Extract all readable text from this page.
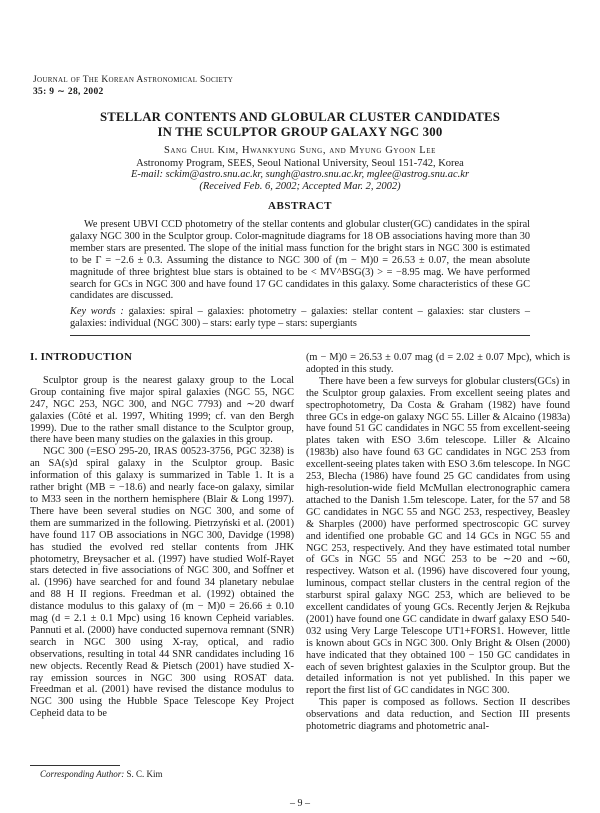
Journal of The Korean Astronomical Society
35: 9 ∼ 28, 2002
STELLAR CONTENTS AND GLOBULAR CLUSTER CANDIDATES
IN THE SCULPTOR GROUP GALAXY NGC 300
Sang Chul Kim, Hwankyung Sung, and Myung Gyoon Lee
Astronomy Program, SEES, Seoul National University, Seoul 151-742, Korea
E-mail: sckim@astro.snu.ac.kr, sungh@astro.snu.ac.kr, mglee@astrog.snu.ac.kr
(Received Feb. 6, 2002; Accepted Mar. 2, 2002)
ABSTRACT
We present UBVI CCD photometry of the stellar contents and globular cluster(GC) candidates in the spiral galaxy NGC 300 in the Sculptor group. Color-magnitude diagrams for 18 OB associations having more than 30 member stars are presented. The slope of the initial mass function for the bright stars in NGC 300 is estimated to be Γ = −2.6 ± 0.3. Assuming the distance to NGC 300 of (m − M)0 = 26.53 ± 0.07, the mean absolute magnitude of three brightest blue stars is obtained to be < MV^BSG(3) > = −8.95 mag. We have performed search for GCs in NGC 300 and have found 17 GC candidates in this galaxy. Some characteristics of these GC candidates are discussed.
Key words : galaxies: spiral – galaxies: photometry – galaxies: stellar content – galaxies: star clusters – galaxies: individual (NGC 300) – stars: early type – stars: supergiants
I. INTRODUCTION

Sculptor group is the nearest galaxy group to the Local Group containing five major spiral galaxies (NGC 55, NGC 247, NGC 253, NGC 300, and NGC 7793) and ∼20 dwarf galaxies (Côté et al. 1997, Whiting 1999; cf. van den Bergh 1999). Due to the rather small distance to the Sculptor group, there have been many studies on the galaxies in this group.

NGC 300 (=ESO 295-20, IRAS 00523-3756, PGC 3238) is an SA(s)d spiral galaxy in the Sculptor group. Basic information of this galaxy is summarized in Table 1. It is a rather bright (MB = −18.6) and nearly face-on galaxy, similar to M33 seen in the northern hemisphere (Blair & Long 1997). There have been several studies on NGC 300, and some of them are summarized in the following. Pietrzyński et al. (2001) have found 117 OB associations in NGC 300, Davidge (1998) has studied the evolved red stellar contents from JHK photometry, Breysacher et al. (1997) have studied Wolf-Rayet stars detected in five associations of NGC 300, and Soffner et al. (1996) have searched for and found 34 planetary nebulae and 88 H II regions. Freedman et al. (1992) obtained the distance modulus to this galaxy of (m − M)0 = 26.66 ± 0.10 mag (d = 2.1 ± 0.1 Mpc) using 16 known Cepheid variables. Pannuti et al. (2000) have conducted supernova remnant (SNR) search in NGC 300 using X-ray, optical, and radio observations, resulting in total 44 SNR candidates including 16 new objects. Recently Read & Pietsch (2001) have studied X-ray emission sources in NGC 300 using ROSAT data. Freedman et al. (2001) have revised the distance modulus to NGC 300 using the Hubble Space Telescope Key Project Cepheid data to be

(m − M)0 = 26.53 ± 0.07 mag (d = 2.02 ± 0.07 Mpc), which is adopted in this study.

There have been a few surveys for globular clusters(GCs) in the Sculptor group galaxies. From excellent seeing plates and spectrophotometry, Da Costa & Graham (1982) have found three GCs in edge-on galaxy NGC 55. Liller & Alcaino (1983a) have found 51 GC candidates in NGC 55 from excellent-seeing plates taken with ESO 3.6m telescope. Liller & Alcaino (1983b) also have found 63 GC candidates in NGC 253 from excellent-seeing plates taken with ESO 3.6m telescope. In NGC 253, Blecha (1986) have found 25 GC candidates from using high-resolution-wide field McMullan electronographic camera attached to the Danish 1.5m telescope. Later, for the 57 and 58 GC candidates in NGC 55 and NGC 253, respectivey, Beasley & Sharples (2000) have performed spectroscopic GC survey and identified one probable GC and 14 GCs in NGC 55 and NGC 253, respectively. And they have estimated total number of GCs in NGC 55 and NGC 253 to be ∼20 and ∼60, respectivey. Watson et al. (1996) have discovered four young, luminous, compact stellar clusters in the central region of the starburst spiral galaxy NGC 253, which are believed to be excellent candidates of young GCs. Recently Jerjen & Rejkuba (2001) have found one GC candidate in dwarf galaxy ESO 540-032 using Very Large Telescope UT1+FORS1. However, little is known about GCs in NGC 300. Only Bright & Olsen (2000) have indicated that they obtained 100 − 150 GC candidates in each of seven brightest galaxies in the Sculptor group. But the detailed information is not yet published. In this paper we report the first list of GC candidates in NGC 300.

This paper is composed as follows. Section II describes observations and data reduction, and Section III presents photometric diagrams and photometric anal-

Corresponding Author: S. C. Kim
– 9 –
